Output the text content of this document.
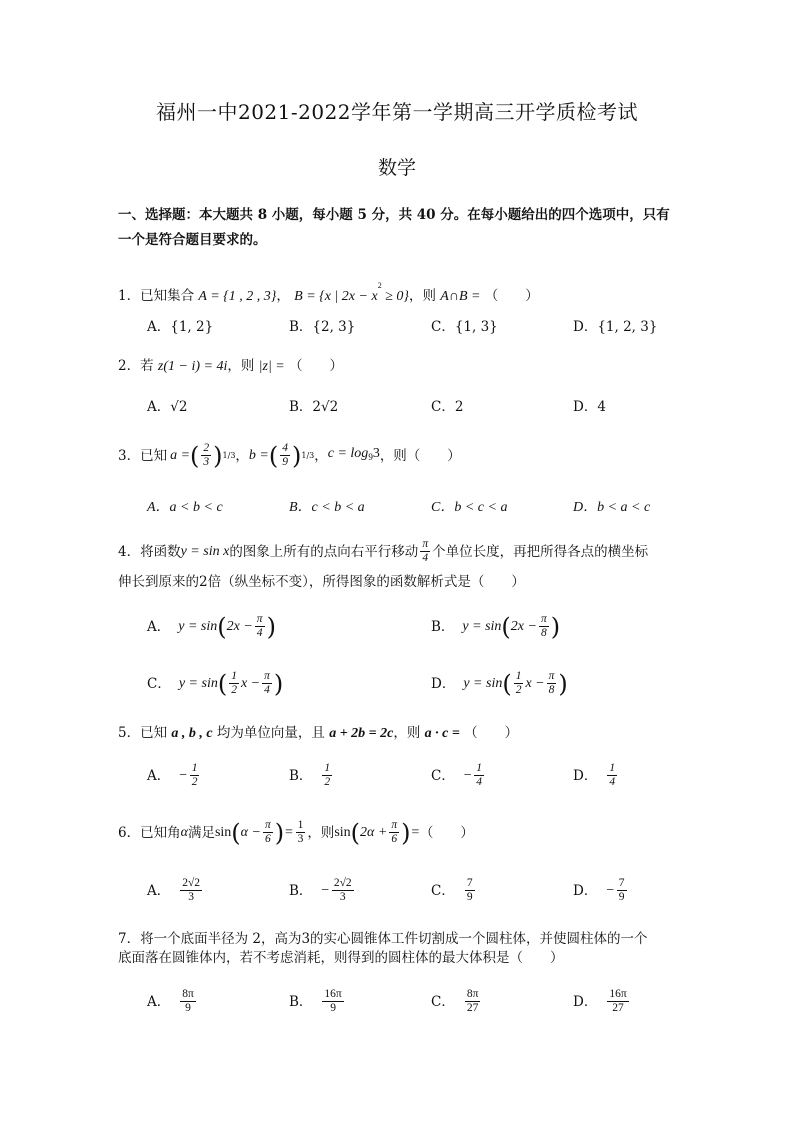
福州一中2021-2022学年第一学期高三开学质检考试
数学
一、选择题：本大题共 8 小题，每小题 5 分，共 40 分。在每小题给出的四个选项中，只有
一个是符合题目要求的。
1．已知集合 A = {1 , 2 , 3}， B = {x | $2x - x^2 \ge 0$}，则 A∩B = （　　）
A．{1, 2}	B．{2, 3}	C．{1, 3}	D．{1, 2, 3}
2．若 z(1 − i) = 4i，则 |z| = （　　）
A．√2	B．2√2	C．2	D．4
3．已知 a = ( $\frac{2}{3}$ ) 1/3 ， b = ( $\frac{4}{9}$ ) 1/3 ， $c = \log_93$ ，则（　　）
A．a < b < c	B．c < b < a	C．b < c < a	D．b < a < c
4．将函数 y = sin x 的图象上所有的点向右平行移动 $\frac{\pi}{4}$ 个单位长度，再把所得各点的横坐标
伸长到原来的2倍（纵坐标不变），所得图象的函数解析式是（　　）
A． y = sin ( $2x - \frac{\pi}{4}$ )	B． y = sin ( $2x - \frac{\pi}{8}$ )
C． y = sin ( $\frac{1}{2}$ $x - \frac{\pi}{4}$ )	D． y = sin ( $\frac{1}{2}$ $x - \frac{\pi}{8}$ )
5．已知 a , b , c 均为单位向量，且 a + 2b = 2c，则 a · c = （　　）
A． − $\frac{1}{2}$	B． $\frac{1}{2}$	C． − $\frac{1}{4}$	D． $\frac{1}{4}$
6．已知角 α 满足 sin ( $\alpha - \frac{\pi}{6}$ ) = $\frac{1}{3}$ ，则 sin ( $2\alpha + \frac{\pi}{6}$ ) = （　　）
A． $\frac{2√2}{3}$	B． − $\frac{2√2}{3}$	C． $\frac{7}{9}$	D． − $\frac{7}{9}$
7．将一个底面半径为 2，高为3的实心圆锥体工件切割成一个圆柱体，并使圆柱体的一个
底面落在圆锥体内，若不考虑消耗，则得到的圆柱体的最大体积是（　　）
A． $\frac{8\pi}{9}$	B． $\frac{16\pi}{9}$	C． $\frac{8\pi}{27}$	D． $\frac{16\pi}{27}$
